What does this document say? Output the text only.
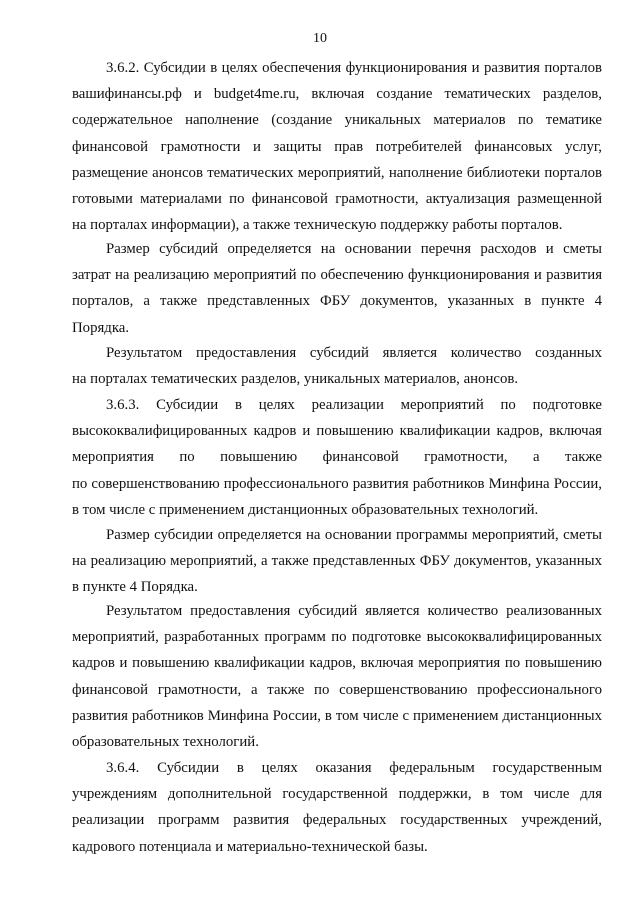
10
3.6.2. Субсидии в целях обеспечения функционирования и развития порталов
вашифинансы.рф и budget4me.ru, включая создание тематических разделов,
содержательное наполнение (создание уникальных материалов по тематике
финансовой грамотности и защиты прав потребителей финансовых услуг,
размещение анонсов тематических мероприятий, наполнение библиотеки порталов
готовыми материалами по финансовой грамотности, актуализация размещенной
на порталах информации), а также техническую поддержку работы порталов.
Размер субсидий определяется на основании перечня расходов и сметы
затрат на реализацию мероприятий по обеспечению функционирования и развития
порталов, а также представленных ФБУ документов, указанных в пункте 4
Порядка.
Результатом предоставления субсидий является количество созданных
на порталах тематических разделов, уникальных материалов, анонсов.
3.6.3. Субсидии в целях реализации мероприятий по подготовке
высококвалифицированных кадров и повышению квалификации кадров, включая
мероприятия по повышению финансовой грамотности, а также
по совершенствованию профессионального развития работников Минфина России,
в том числе с применением дистанционных образовательных технологий.
Размер субсидии определяется на основании программы мероприятий, сметы
на реализацию мероприятий, а также представленных ФБУ документов, указанных
в пункте 4 Порядка.
Результатом предоставления субсидий является количество реализованных
мероприятий, разработанных программ по подготовке высококвалифицированных
кадров и повышению квалификации кадров, включая мероприятия по повышению
финансовой грамотности, а также по совершенствованию профессионального
развития работников Минфина России, в том числе с применением дистанционных
образовательных технологий.
3.6.4. Субсидии в целях оказания федеральным государственным
учреждениям дополнительной государственной поддержки, в том числе для
реализации программ развития федеральных государственных учреждений,
кадрового потенциала и материально-технической базы.
